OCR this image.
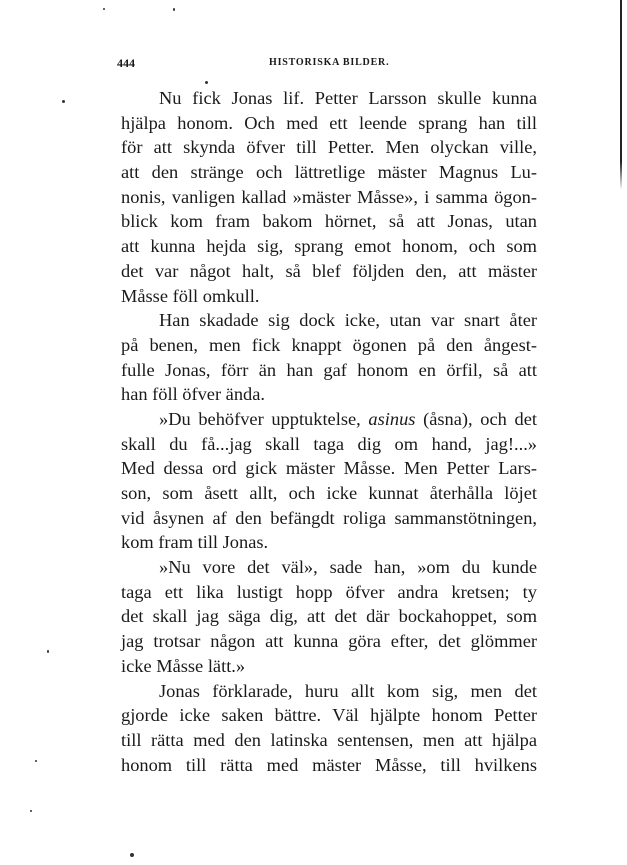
444	HISTORISKA BILDER.

Nu fick Jonas lif. Petter Larsson skulle kunna

hjälpa honom. Och med ett leende sprang han till

för att skynda öfver till Petter. Men olyckan ville,

att den stränge och lättretlige mäster Magnus Lu-

nonis, vanligen kallad »mäster Måsse», i samma ögon-

blick kom fram bakom hörnet, så att Jonas, utan

att kunna hejda sig, sprang emot honom, och som

det var något halt, så blef följden den, att mäster

Måsse föll omkull.

Han skadade sig dock icke, utan var snart åter

på benen, men fick knappt ögonen på den ångest-

fulle Jonas, förr än han gaf honom en örfil, så att

han föll öfver ända.

»Du behöfver upptuktelse, asinus (åsna), och det

skall du få...jag skall taga dig om hand, jag!...»

Med dessa ord gick mäster Måsse. Men Petter Lars-

son, som åsett allt, och icke kunnat återhålla löjet

vid åsynen af den befängdt roliga sammanstötningen,

kom fram till Jonas.

»Nu vore det väl», sade han, »om du kunde

taga ett lika lustigt hopp öfver andra kretsen; ty

det skall jag säga dig, att det där bockahoppet, som

jag trotsar någon att kunna göra efter, det glömmer

icke Måsse lätt.»

Jonas förklarade, huru allt kom sig, men det

gjorde icke saken bättre. Väl hjälpte honom Petter

till rätta med den latinska sentensen, men att hjälpa

honom till rätta med mäster Måsse, till hvilkens
